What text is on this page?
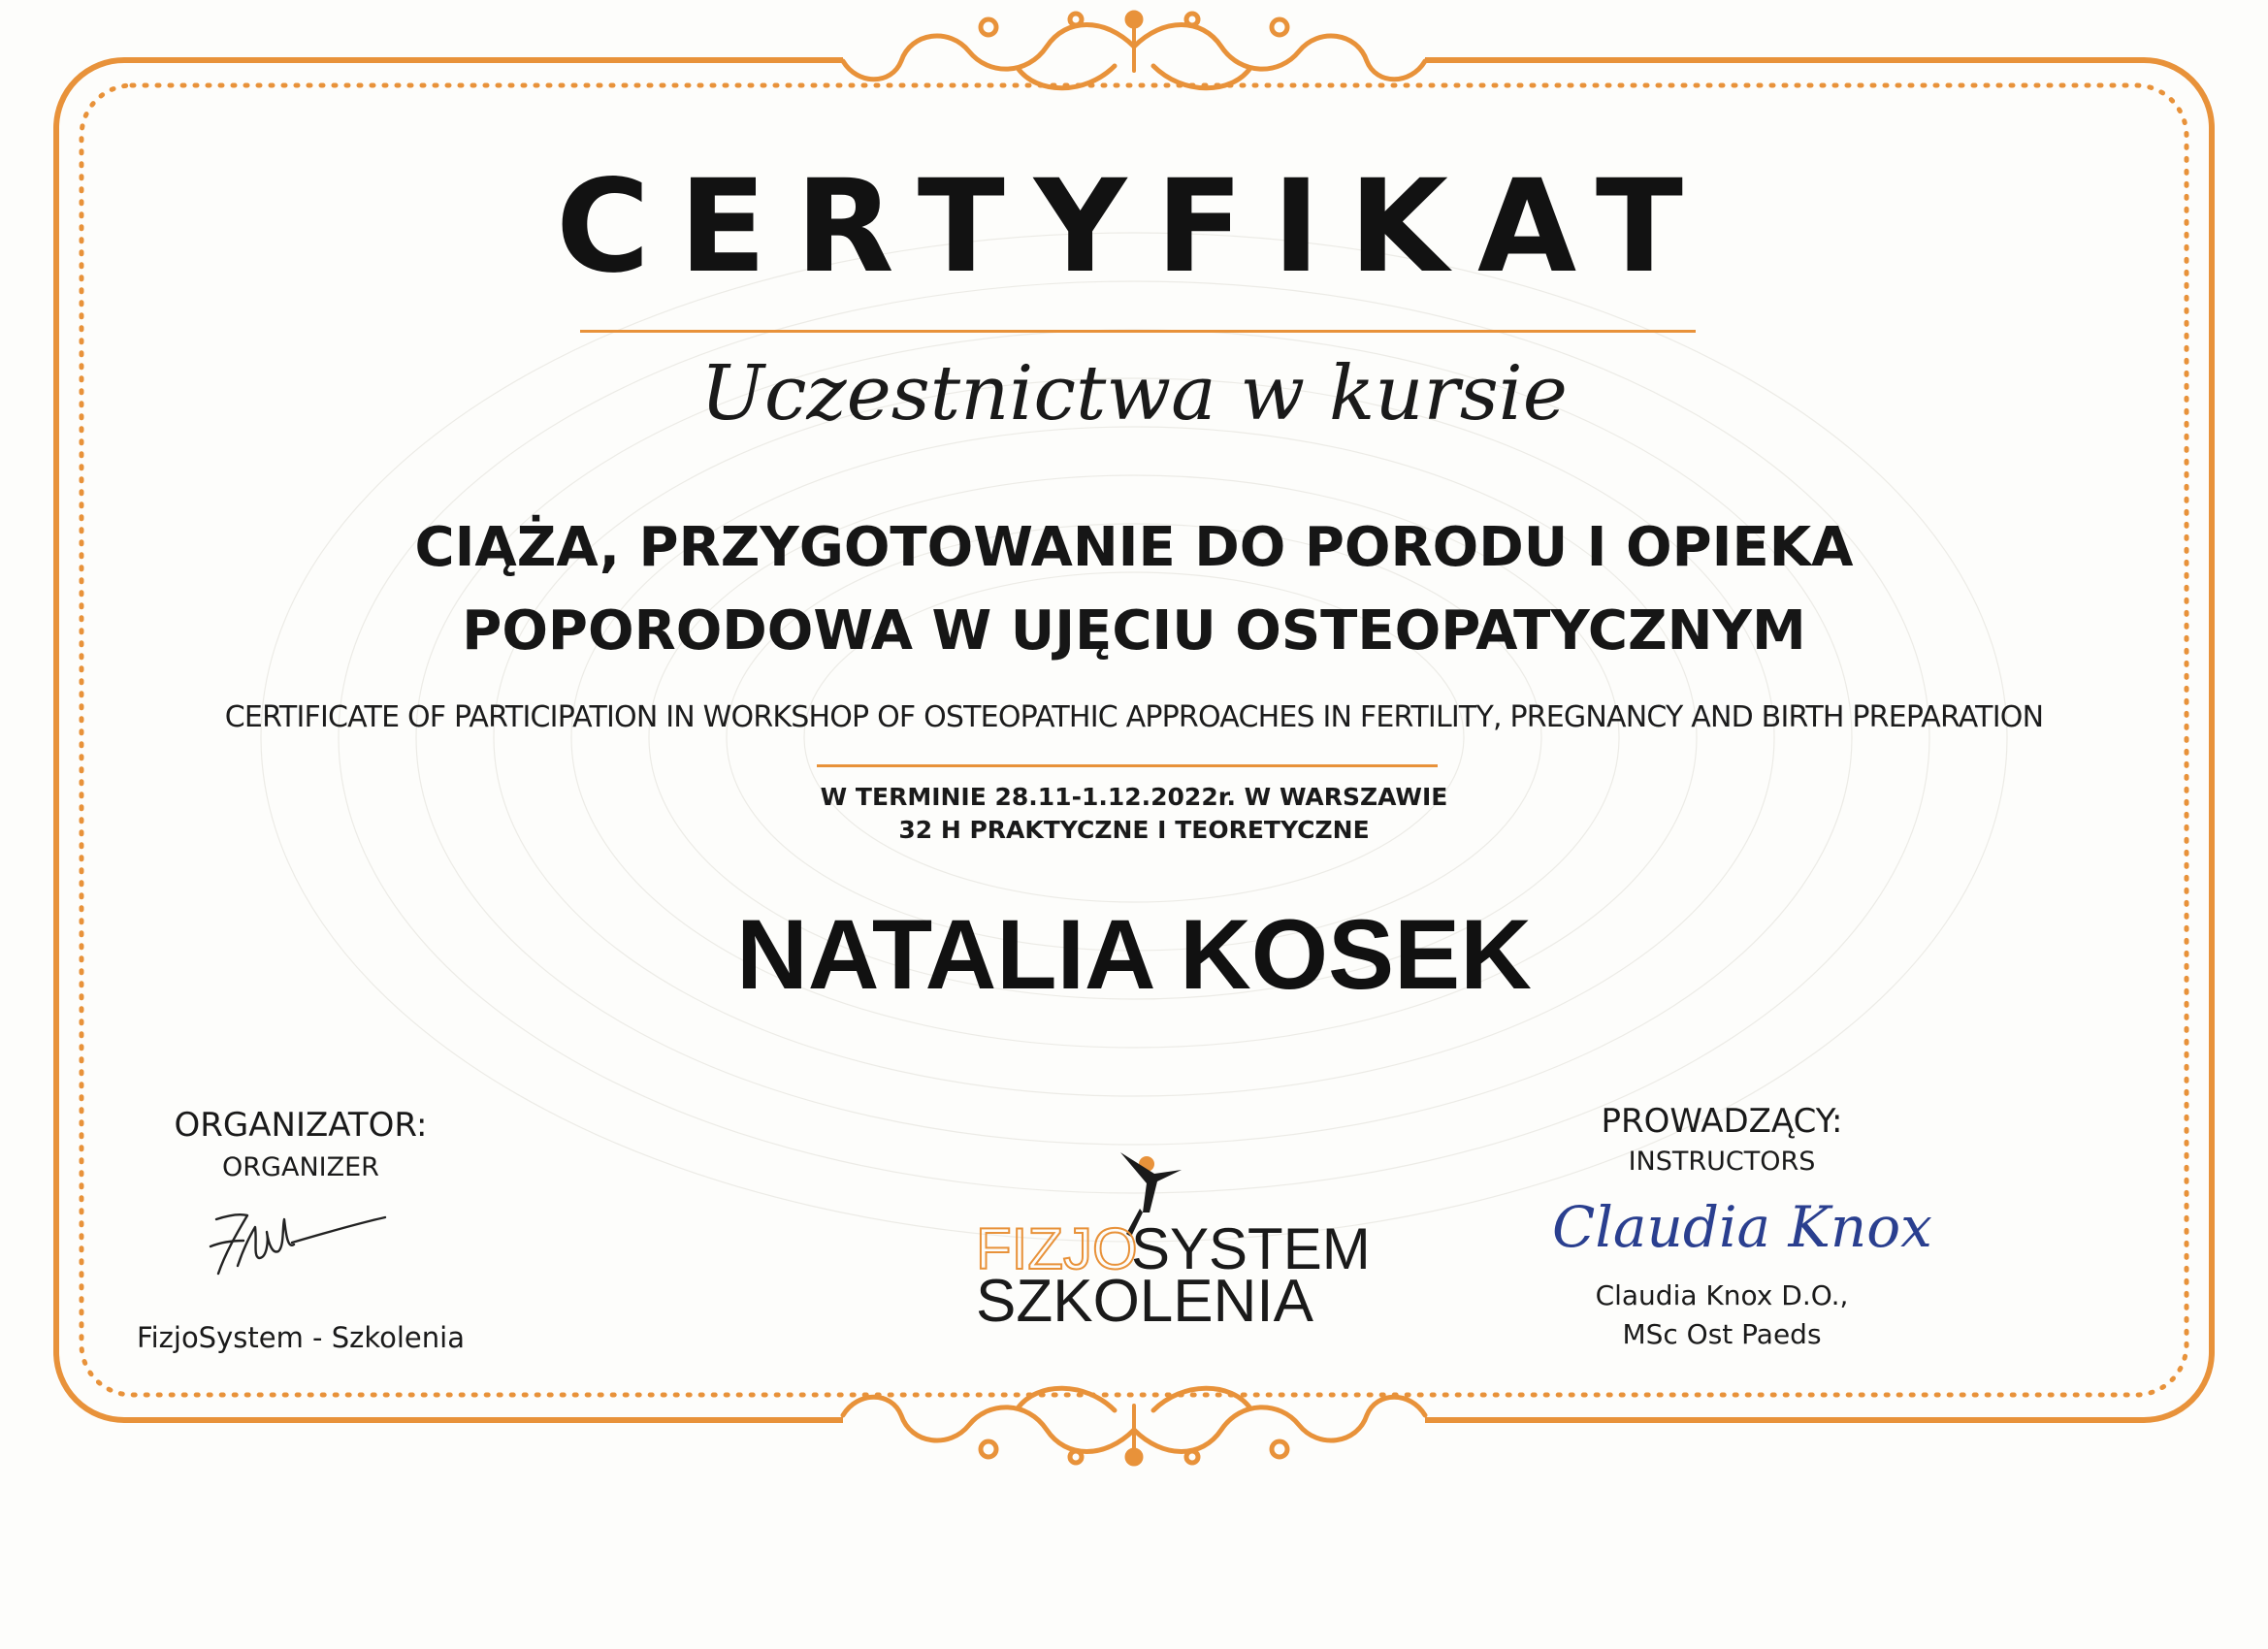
CERTYFIKAT
Uczestnictwa w kursie
CIĄŻA, PRZYGOTOWANIE DO PORODU I OPIEKA
POPORODOWA W UJĘCIU OSTEOPATYCZNYM
CERTIFICATE OF PARTICIPATION IN WORKSHOP OF OSTEOPATHIC APPROACHES IN FERTILITY, PREGNANCY AND BIRTH PREPARATION
W TERMINIE 28.11-1.12.2022r. W WARSZAWIE
32 H PRAKTYCZNE I TEORETYCZNE
NATALIA KOSEK
ORGANIZATOR:
ORGANIZER
FizjoSystem - Szkolenia
FIZJO
SYSTEM
SZKOLENIA
PROWADZĄCY:
INSTRUCTORS
Claudia Knox
Claudia Knox D.O.,
MSc Ost Paeds
